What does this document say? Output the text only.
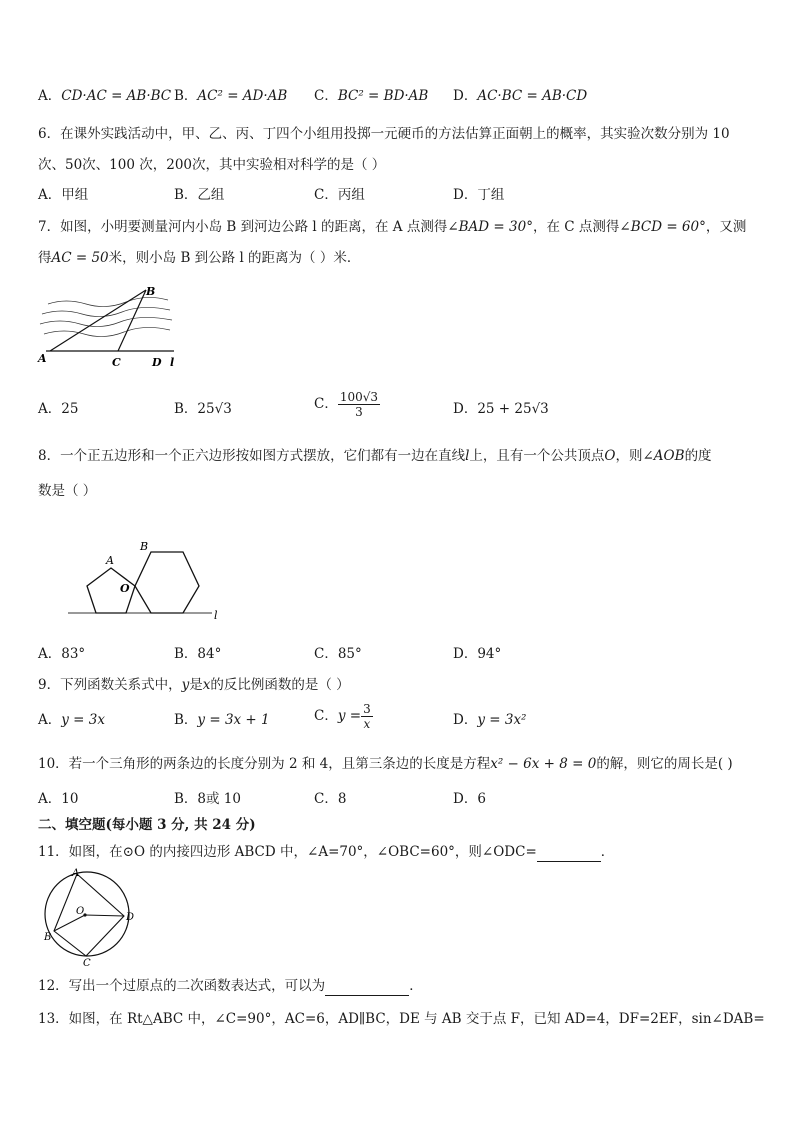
A．CD·AC = AB·BC B．AC² = AD·AB C．BC² = BD·AB D．AC·BC = AB·CD
6．在课外实践活动中，甲、乙、丙、丁四个小组用投掷一元硬币的方法估算正面朝上的概率，其实验次数分别为 10
次、50次、100 次，200次，其中实验相对科学的是（ ）
A．甲组	B．乙组	C．丙组	D．丁组
7．如图，小明要测量河内小岛 B 到河边公路 l 的距离，在 A 点测得∠BAD = 30°，在 C 点测得∠BCD = 60°，又测
得AC = 50米，则小岛 B 到公路 l 的距离为（ ）米．
A
B
C	D l
A．25	B．25√3	C． $\frac{100√3}{3}$	D．25 + 25√3
8．一个正五边形和一个正六边形按如图方式摆放，它们都有一边在直线l上，且有一个公共顶点O，则∠AOB的度
数是（ ）
A
B
O
l
A．83°	B．84°	C．85°	D．94°
9．下列函数关系式中，y是x的反比例函数的是（ ）
A．y = 3x	B．y = 3x + 1	C．$y = \frac{3}{x}$	D．y = 3x²
10．若一个三角形的两条边的长度分别为 2 和 4，且第三条边的长度是方程x² − 6x + 8 = 0的解，则它的周长是( )
A．10	B．8或 10	C．8	D．6
二、填空题(每小题 3 分, 共 24 分)
11．如图，在⊙O 的内接四边形 ABCD 中，∠A=70°，∠OBC=60°，则∠ODC=	．
A
B
C
D
O
12．写出一个过原点的二次函数表达式，可以为	．
13．如图，在 Rt△ABC 中，∠C=90°，AC=6，AD∥BC，DE 与 AB 交于点 F，已知 AD=4，DF=2EF，sin∠DAB=
